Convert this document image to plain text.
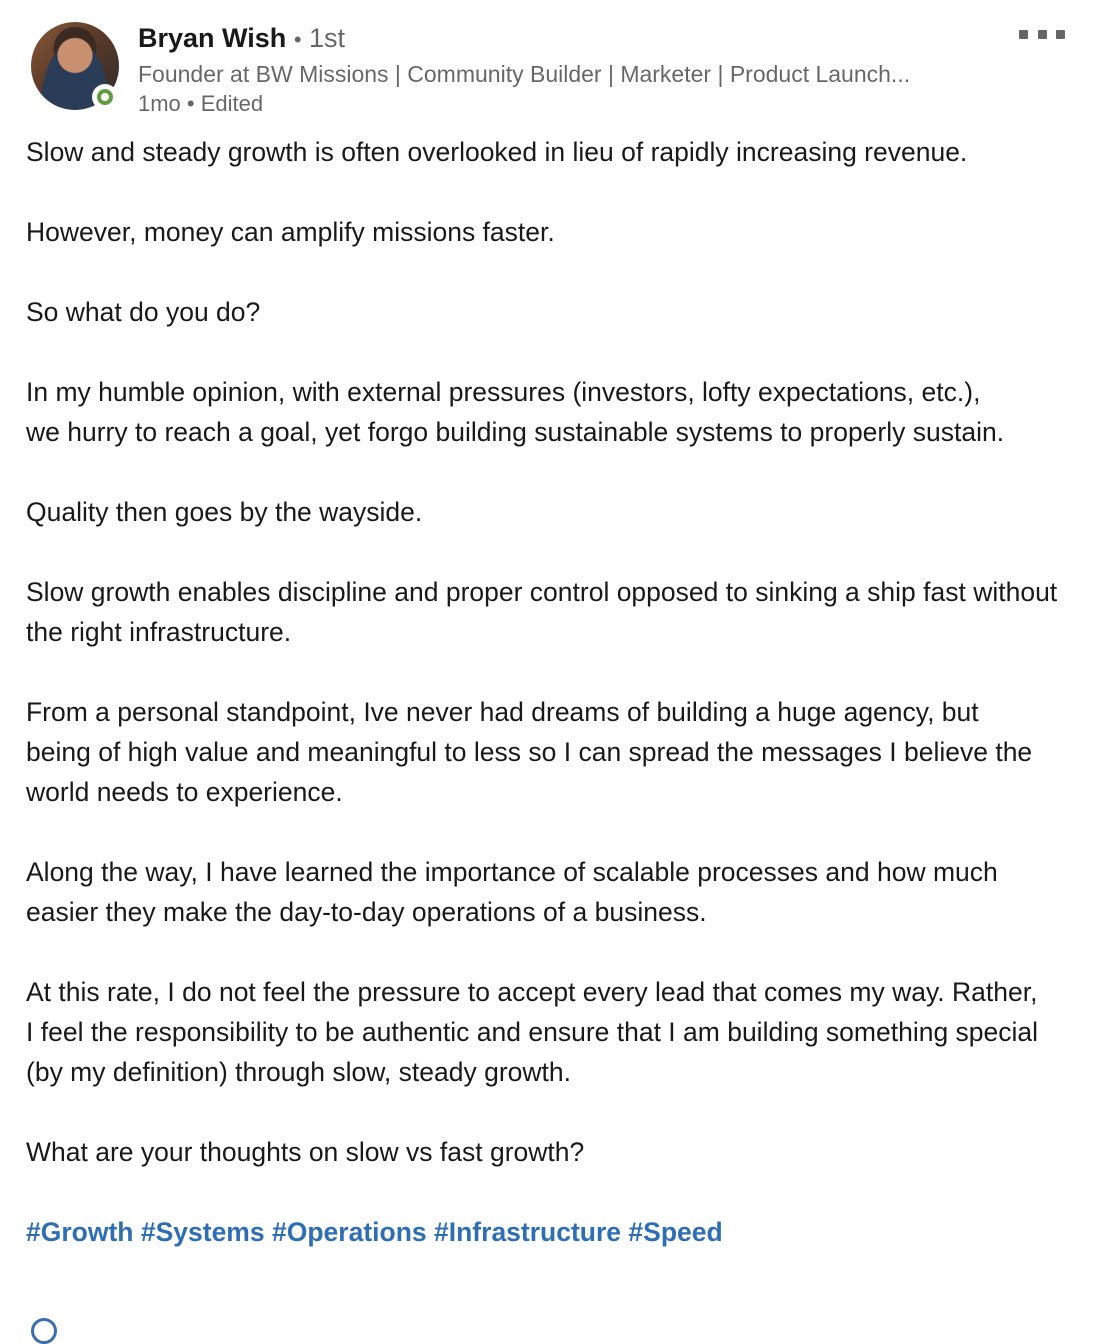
Bryan Wish • 1st
Founder at BW Missions | Community Builder | Marketer | Product Launch...
1mo • Edited

Slow and steady growth is often overlooked in lieu of rapidly increasing revenue.

However, money can amplify missions faster.

So what do you do?

In my humble opinion, with external pressures (investors, lofty expectations, etc.), we hurry to reach a goal, yet forgo building sustainable systems to properly sustain.

Quality then goes by the wayside.

Slow growth enables discipline and proper control opposed to sinking a ship fast without the right infrastructure.

From a personal standpoint, Ive never had dreams of building a huge agency, but being of high value and meaningful to less so I can spread the messages I believe the world needs to experience.

Along the way, I have learned the importance of scalable processes and how much easier they make the day-to-day operations of a business.

At this rate, I do not feel the pressure to accept every lead that comes my way. Rather, I feel the responsibility to be authentic and ensure that I am building something special (by my definition) through slow, steady growth.

What are your thoughts on slow vs fast growth?

#Growth #Systems #Operations #Infrastructure #Speed
